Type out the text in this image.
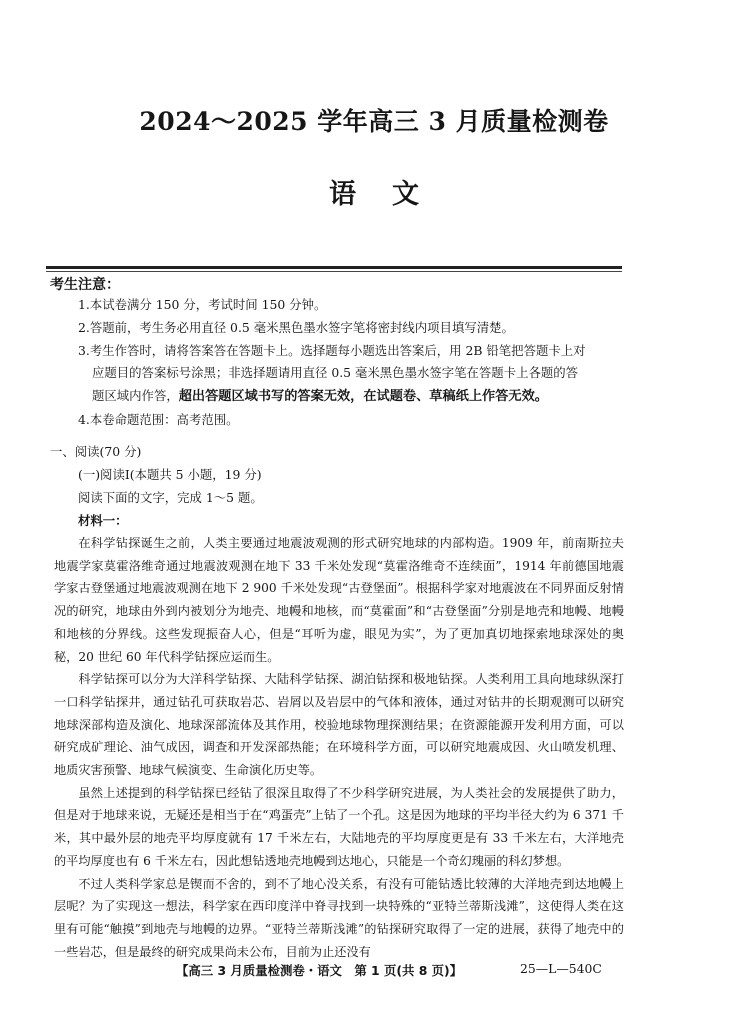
2024～2025 学年高三 3 月质量检测卷
语文
考生注意：

1.本试卷满分 150 分，考试时间 150 分钟。

2.答题前，考生务必用直径 0.5 毫米黑色墨水签字笔将密封线内项目填写清楚。

3.考生作答时，请将答案答在答题卡上。选择题每小题选出答案后，用 2B 铅笔把答题卡上对

应题目的答案标号涂黑；非选择题请用直径 0.5 毫米黑色墨水签字笔在答题卡上各题的答

题区域内作答，超出答题区域书写的答案无效，在试题卷、草稿纸上作答无效。

4.本卷命题范围：高考范围。

一、阅读(70 分)
(一)阅读Ⅰ(本题共 5 小题，19 分)
阅读下面的文字，完成 1～5 题。
材料一：

在科学钻探诞生之前，人类主要通过地震波观测的形式研究地球的内部构造。1909 年，前南斯拉夫地震学家莫霍洛维奇通过地震波观测在地下 33 千米处发现“莫霍洛维奇不连续面”，1914 年前德国地震学家古登堡通过地震波观测在地下 2 900 千米处发现“古登堡面”。根据科学家对地震波在不同界面反射情况的研究，地球由外到内被划分为地壳、地幔和地核，而“莫霍面”和“古登堡面”分别是地壳和地幔、地幔和地核的分界线。这些发现振奋人心，但是“耳听为虚，眼见为实”，为了更加真切地探索地球深处的奥秘，20 世纪 60 年代科学钻探应运而生。

科学钻探可以分为大洋科学钻探、大陆科学钻探、湖泊钻探和极地钻探。人类利用工具向地球纵深打一口科学钻探井，通过钻孔可获取岩芯、岩屑以及岩层中的气体和液体，通过对钻井的长期观测可以研究地球深部构造及演化、地球深部流体及其作用，校验地球物理探测结果；在资源能源开发利用方面，可以研究成矿理论、油气成因，调查和开发深部热能；在环境科学方面，可以研究地震成因、火山喷发机理、地质灾害预警、地球气候演变、生命演化历史等。

虽然上述提到的科学钻探已经钻了很深且取得了不少科学研究进展，为人类社会的发展提供了助力，但是对于地球来说，无疑还是相当于在“鸡蛋壳”上钻了一个孔。这是因为地球的平均半径大约为 6 371 千米，其中最外层的地壳平均厚度就有 17 千米左右，大陆地壳的平均厚度更是有 33 千米左右，大洋地壳的平均厚度也有 6 千米左右，因此想钻透地壳地幔到达地心，只能是一个奇幻瑰丽的科幻梦想。

不过人类科学家总是锲而不舍的，到不了地心没关系，有没有可能钻透比较薄的大洋地壳到达地幔上层呢？为了实现这一想法，科学家在西印度洋中脊寻找到一块特殊的“亚特兰蒂斯浅滩”，这使得人类在这里有可能“触摸”到地壳与地幔的边界。“亚特兰蒂斯浅滩”的钻探研究取得了一定的进展，获得了地壳中的一些岩芯，但是最终的研究成果尚未公布，目前为止还没有

【高三 3 月质量检测卷・语文　第 1 页(共 8 页)】	25—L—540C
